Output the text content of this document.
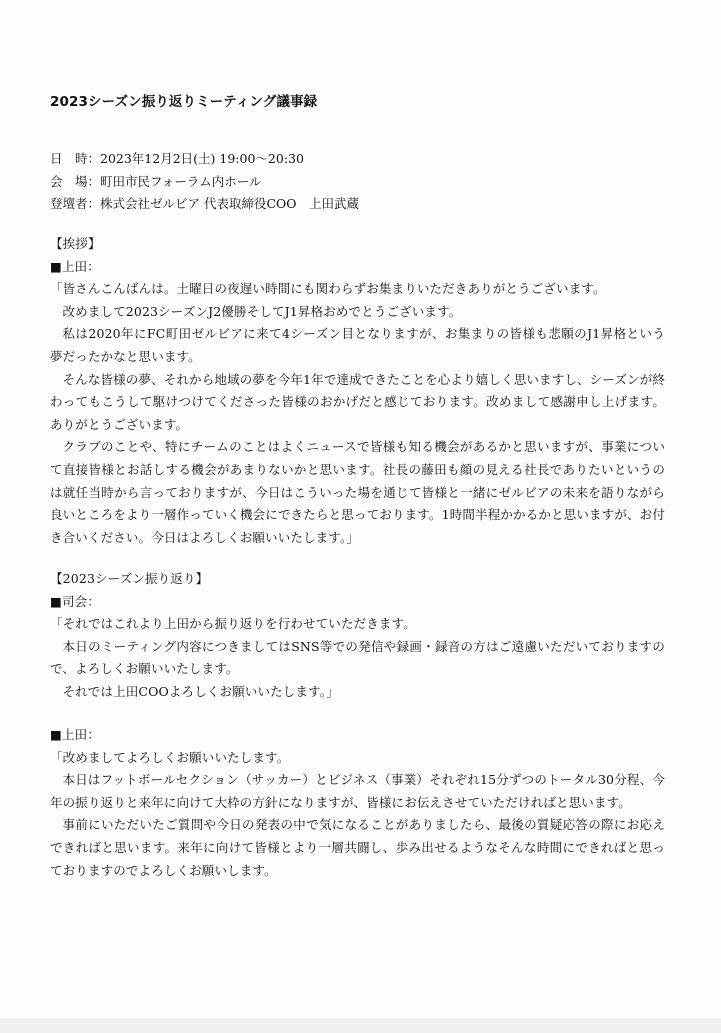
2023シーズン振り返りミーティング議事録
日　時：2023年12月2日(土) 19:00〜20:30
会　場：町田市民フォーラム内ホール
登壇者：株式会社ゼルビア 代表取締役COO　上田武蔵

【挨拶】

■上田：

「皆さんこんばんは。土曜日の夜遅い時間にも関わらずお集まりいただきありがとうございます。

改めまして2023シーズンJ2優勝そしてJ1昇格おめでとうございます。

私は2020年にFC町田ゼルビアに来て4シーズン目となりますが、お集まりの皆様も悲願のJ1昇格という夢だったかなと思います。

そんな皆様の夢、それから地域の夢を今年1年で達成できたことを心より嬉しく思いますし、シーズンが終わってもこうして駆けつけてくださった皆様のおかげだと感じております。改めまして感謝申し上げます。ありがとうございます。

クラブのことや、特にチームのことはよくニュースで皆様も知る機会があるかと思いますが、事業について直接皆様とお話しする機会があまりないかと思います。社長の藤田も顔の見える社長でありたいというのは就任当時から言っておりますが、今日はこういった場を通じて皆様と一緒にゼルビアの未来を語りながら良いところをより一層作っていく機会にできたらと思っております。1時間半程かかるかと思いますが、お付き合いください。今日はよろしくお願いいたします。」

【2023シーズン振り返り】

■司会：

「それではこれより上田から振り返りを行わせていただきます。

本日のミーティング内容につきましてはSNS等での発信や録画・録音の方はご遠慮いただいておりますので、よろしくお願いいたします。

それでは上田COOよろしくお願いいたします。」

■上田：

「改めましてよろしくお願いいたします。

本日はフットボールセクション（サッカー）とビジネス（事業）それぞれ15分ずつのトータル30分程、今年の振り返りと来年に向けて大枠の方針になりますが、皆様にお伝えさせていただければと思います。

事前にいただいたご質問や今日の発表の中で気になることがありましたら、最後の質疑応答の際にお応えできればと思います。来年に向けて皆様とより一層共闘し、歩み出せるようなそんな時間にできればと思っておりますのでよろしくお願いします。
